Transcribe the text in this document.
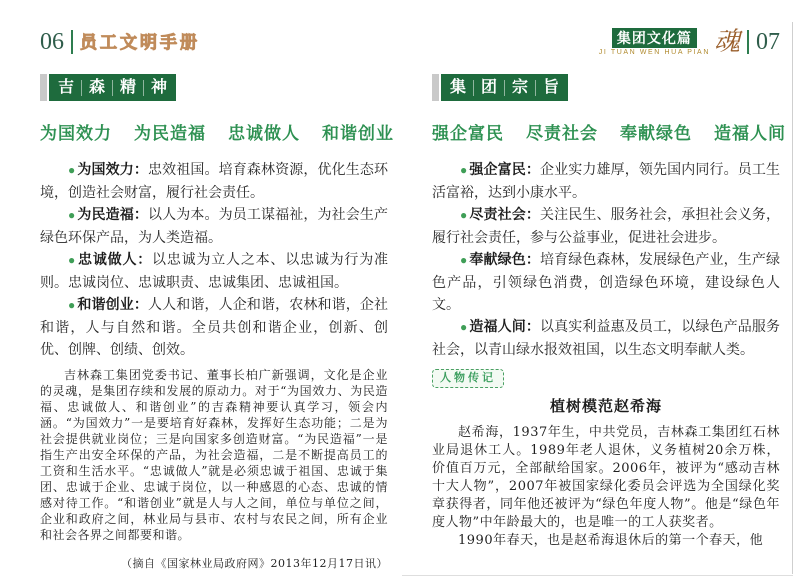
06 员工文明手册
吉 森 精 神
为国效力 为民造福 忠诚做人 和谐创业

● 为国效力：忠效祖国。培育森林资源，优化生态环境，创造社会财富，履行社会责任。

● 为民造福：以人为本。为员工谋福祉，为社会生产绿色环保产品，为人类造福。

● 忠诚做人：以忠诚为立人之本、以忠诚为行为准则。忠诚岗位、忠诚职责、忠诚集团、忠诚祖国。

● 和谐创业：人人和谐，人企和谐，农林和谐，企社和谐，人与自然和谐。全员共创和谐企业，创新、创优、创牌、创绩、创效。

吉林森工集团党委书记、董事长柏广新强调，文化是企业的灵魂，是集团存续和发展的原动力。对于“为国效力、为民造福、忠诚做人、和谐创业”的吉森精神要认真学习，领会内涵。“为国效力”一是要培育好森林，发挥好生态功能；二是为社会提供就业岗位；三是向国家多创造财富。“为民造福”一是指生产出安全环保的产品，为社会造福，二是不断提高员工的工资和生活水平。“忠诚做人”就是必须忠诚于祖国、忠诚于集团、忠诚于企业、忠诚于岗位，以一种感恩的心态、忠诚的情感对待工作。“和谐创业”就是人与人之间，单位与单位之间，企业和政府之间，林业局与县市、农村与农民之间，所有企业和社会各界之间都要和谐。

（摘自《国家林业局政府网》2013年12月17日讯）

集团文化篇
JI TUAN WEN HUA PIAN 魂 07
集 团 宗 旨
强企富民 尽责社会 奉献绿色 造福人间

● 强企富民：企业实力雄厚，领先国内同行。员工生活富裕，达到小康水平。

● 尽责社会：关注民生、服务社会，承担社会义务，履行社会责任，参与公益事业，促进社会进步。

● 奉献绿色：培育绿色森林，发展绿色产业，生产绿色产品，引领绿色消费，创造绿色环境，建设绿色人文。

● 造福人间：以真实利益惠及员工，以绿色产品服务社会，以青山绿水报效祖国，以生态文明奉献人类。

人物传记
植树模范赵希海

赵希海，1937年生，中共党员，吉林森工集团红石林业局退休工人。1989年老人退休，义务植树20余万株，价值百万元，全部献给国家。2006年，被评为“感动吉林十大人物”，2007年被国家绿化委员会评选为全国绿化奖章获得者，同年他还被评为“绿色年度人物”。他是“绿色年度人物”中年龄最大的，也是唯一的工人获奖者。

1990年春天，也是赵希海退休后的第一个春天，他
